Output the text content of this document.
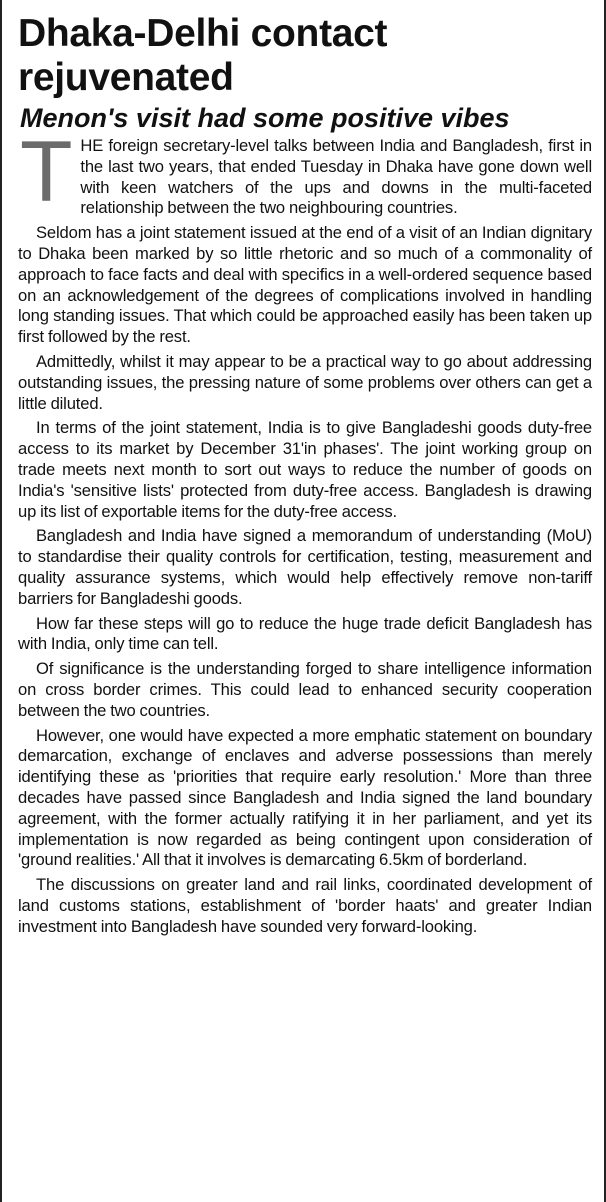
Dhaka-Delhi contact rejuvenated
Menon's visit had some positive vibes

THE foreign secretary-level talks between India and Bangladesh, first in the last two years, that ended Tuesday in Dhaka have gone down well with keen watchers of the ups and downs in the multi-faceted relationship between the two neighbouring countries.

Seldom has a joint statement issued at the end of a visit of an Indian dignitary to Dhaka been marked by so little rhetoric and so much of a commonality of approach to face facts and deal with specifics in a well-ordered sequence based on an acknowledgement of the degrees of complications involved in handling long standing issues. That which could be approached easily has been taken up first followed by the rest.

Admittedly, whilst it may appear to be a practical way to go about addressing outstanding issues, the pressing nature of some problems over others can get a little diluted.

In terms of the joint statement, India is to give Bangladeshi goods duty-free access to its market by December 31'in phases'. The joint working group on trade meets next month to sort out ways to reduce the number of goods on India's 'sensitive lists' protected from duty-free access. Bangladesh is drawing up its list of exportable items for the duty-free access.

Bangladesh and India have signed a memorandum of understanding (MoU) to standardise their quality controls for certification, testing, measurement and quality assurance systems, which would help effectively remove non-tariff barriers for Bangladeshi goods.

How far these steps will go to reduce the huge trade deficit Bangladesh has with India, only time can tell.

Of significance is the understanding forged to share intelligence information on cross border crimes. This could lead to enhanced security cooperation between the two countries.

However, one would have expected a more emphatic statement on boundary demarcation, exchange of enclaves and adverse possessions than merely identifying these as 'priorities that require early resolution.' More than three decades have passed since Bangladesh and India signed the land boundary agreement, with the former actually ratifying it in her parliament, and yet its implementation is now regarded as being contingent upon consideration of 'ground realities.' All that it involves is demarcating 6.5km of borderland.

The discussions on greater land and rail links, coordinated development of land customs stations, establishment of 'border haats' and greater Indian investment into Bangladesh have sounded very forward-looking.
